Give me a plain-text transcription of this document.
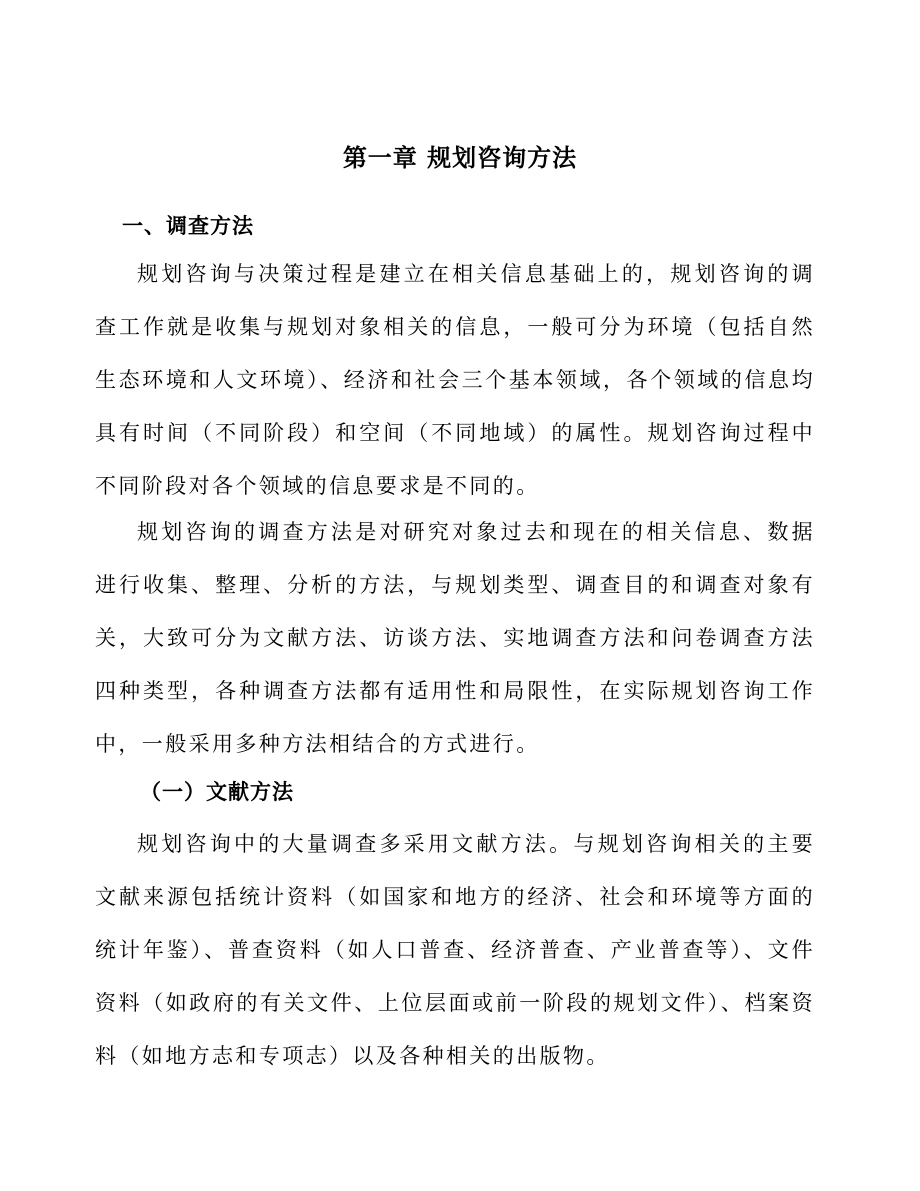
第一章 规划咨询方法
一、调查方法

规划咨询与决策过程是建立在相关信息基础上的，规划咨询的调查工作就是收集与规划对象相关的信息，一般可分为环境（包括自然生态环境和人文环境）、经济和社会三个基本领域，各个领域的信息均具有时间（不同阶段）和空间（不同地域）的属性。规划咨询过程中不同阶段对各个领域的信息要求是不同的。

规划咨询的调查方法是对研究对象过去和现在的相关信息、数据进行收集、整理、分析的方法，与规划类型、调查目的和调查对象有关，大致可分为文献方法、访谈方法、实地调查方法和问卷调查方法四种类型，各种调查方法都有适用性和局限性，在实际规划咨询工作中，一般采用多种方法相结合的方式进行。

（一）文献方法

规划咨询中的大量调查多采用文献方法。与规划咨询相关的主要文献来源包括统计资料（如国家和地方的经济、社会和环境等方面的统计年鉴）、普查资料（如人口普查、经济普查、产业普查等）、文件资料（如政府的有关文件、上位层面或前一阶段的规划文件）、档案资料（如地方志和专项志）以及各种相关的出版物。
